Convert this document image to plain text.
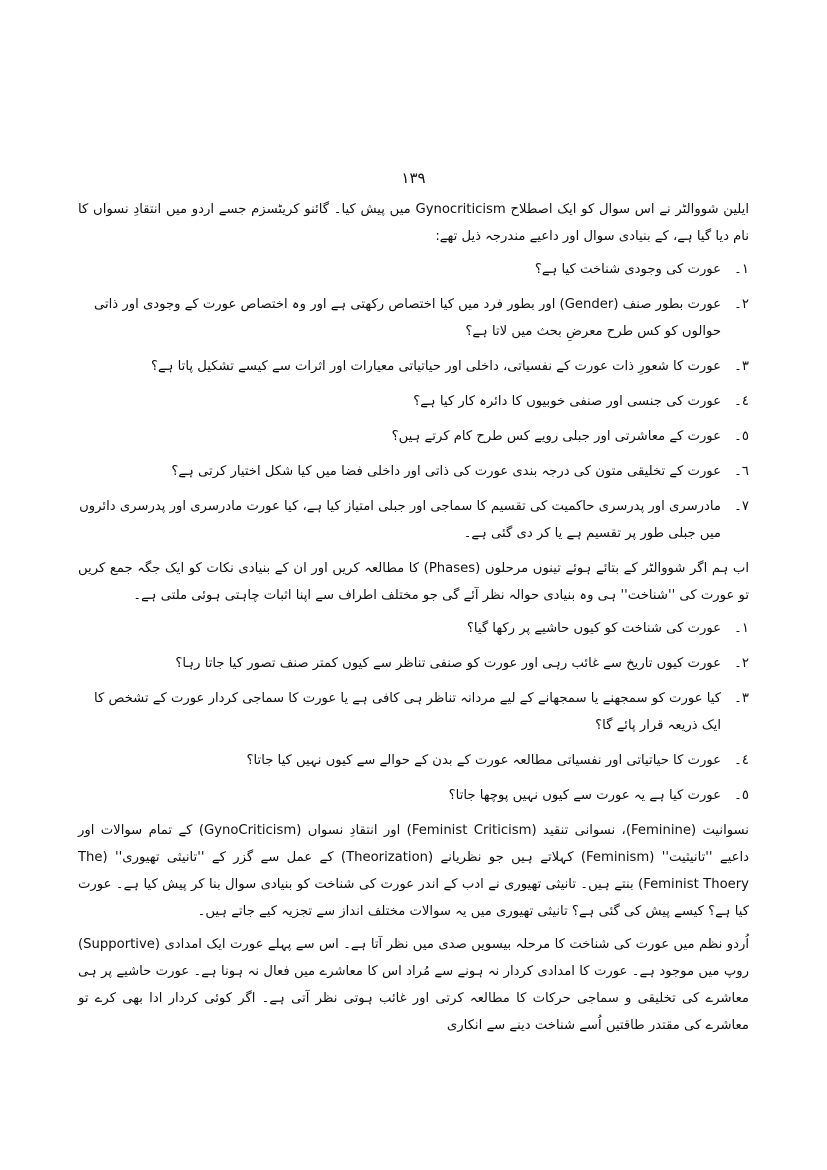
١٣٩

ایلین شووالٹر نے اس سوال کو ایک اصطلاح Gynocriticism میں پیش کیا۔ گائنو کریٹسزم جسے اردو میں انتقادِ نسواں کا نام دیا گیا ہے، کے بنیادی سوال اور داعیے مندرجہ ذیل تھے:

١۔
عورت کی وجودی شناخت کیا ہے؟
٢۔
عورت بطور صنف (Gender) اور بطور فرد میں کیا اختصاص رکھتی ہے اور وہ اختصاص عورت کے وجودی اور ذاتی حوالوں کو کس طرح معرضِ بحث میں لاتا ہے؟
٣۔
عورت کا شعورِ ذات عورت کے نفسیاتی، داخلی اور حیاتیاتی معیارات اور اثرات سے کیسے تشکیل پاتا ہے؟
٤۔
عورت کی جنسی اور صنفی خوبیوں کا دائرہ کار کیا ہے؟
٥۔
عورت کے معاشرتی اور جبلی رویے کس طرح کام کرتے ہیں؟
٦۔
عورت کے تخلیقی متون کی درجہ بندی عورت کی ذاتی اور داخلی فضا میں کیا شکل اختیار کرتی ہے؟
٧۔
مادرسری اور پدرسری حاکمیت کی تقسیم کا سماجی اور جبلی امتیاز کیا ہے، کیا عورت مادرسری اور پدرسری دائروں میں جبلی طور پر تقسیم ہے یا کر دی گئی ہے۔

اب ہم اگر شووالٹر کے بتائے ہوئے تینوں مرحلوں (Phases) کا مطالعہ کریں اور ان کے بنیادی نکات کو ایک جگہ جمع کریں تو عورت کی ''شناخت'' ہی وہ بنیادی حوالہ نظر آئے گی جو مختلف اطراف سے اپنا اثبات چاہتی ہوئی ملتی ہے۔

١۔
عورت کی شناخت کو کیوں حاشیے پر رکھا گیا؟
٢۔
عورت کیوں تاریخ سے غائب رہی اور عورت کو صنفی تناظر سے کیوں کمتر صنف تصور کیا جاتا رہا؟
٣۔
کیا عورت کو سمجھنے یا سمجھانے کے لیے مردانہ تناظر ہی کافی ہے یا عورت کا سماجی کردار عورت کے تشخص کا ایک ذریعہ قرار پائے گا؟
٤۔
عورت کا حیاتیاتی اور نفسیاتی مطالعہ عورت کے بدن کے حوالے سے کیوں نہیں کیا جاتا؟
٥۔
عورت کیا ہے یہ عورت سے کیوں نہیں پوچھا جاتا؟

نسوانیت (Feminine)، نسوانی تنقید (Feminist Criticism) اور انتقادِ نسواں (GynoCriticism) کے تمام سوالات اور داعیے ''تانیثیت'' (Feminism) کہلاتے ہیں جو نظریانے (Theorization) کے عمل سے گزر کے ''تانیثی تھیوری'' (The Feminist Thoery) بنتے ہیں۔ تانیثی تھیوری نے ادب کے اندر عورت کی شناخت کو بنیادی سوال بنا کر پیش کیا ہے۔ عورت کیا ہے؟ کیسے پیش کی گئی ہے؟ تانیثی تھیوری میں یہ سوالات مختلف انداز سے تجزیہ کیے جاتے ہیں۔

اُردو نظم میں عورت کی شناخت کا مرحلہ بیسویں صدی میں نظر آتا ہے۔ اس سے پہلے عورت ایک امدادی (Supportive) روپ میں موجود ہے۔ عورت کا امدادی کردار نہ ہونے سے مُراد اس کا معاشرے میں فعال نہ ہونا ہے۔ عورت حاشیے پر ہی معاشرے کی تخلیقی و سماجی حرکات کا مطالعہ کرتی اور غائب ہوتی نظر آتی ہے۔ اگر کوئی کردار ادا بھی کرے تو معاشرے کی مقتدر طاقتیں اُسے شناخت دینے سے انکاری
